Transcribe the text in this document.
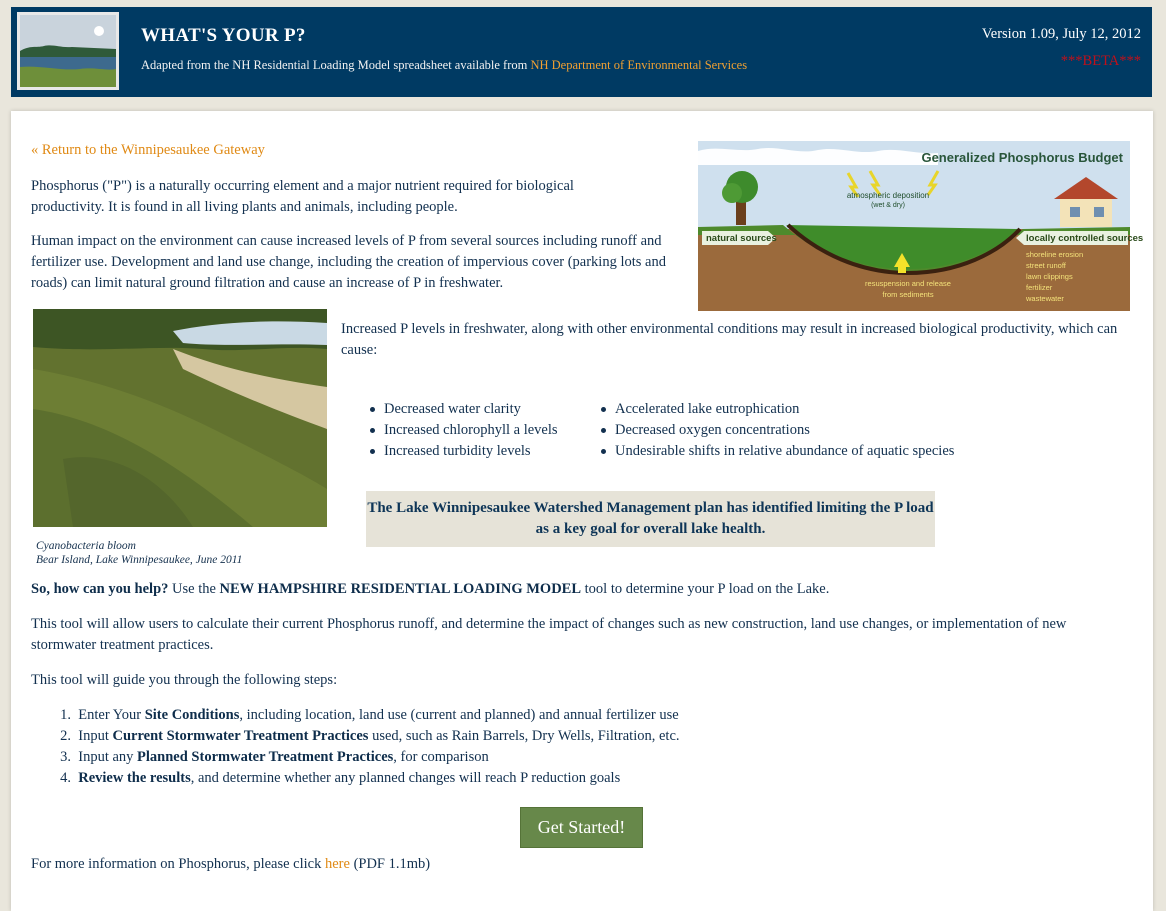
WHAT'S YOUR P?
Adapted from the NH Residential Loading Model spreadsheet available from NH Department of Environmental Services
Version 1.09, July 12, 2012
***BETA***
« Return to the Winnipesaukee Gateway

Phosphorus ("P") is a naturally occurring element and a major nutrient required for biological productivity. It is found in all living plants and animals, including people.

Human impact on the environment can cause increased levels of P from several sources including runoff and fertilizer use. Development and land use change, including the creation of impervious cover (parking lots and roads) can limit natural ground filtration and cause an increase of P in freshwater.

Generalized Phosphorus Budget
atmospheric deposition
(wet & dry)
natural sources	locally controlled sources
resuspension and release
from sediments
shoreline erosion
street runoff
lawn clippings
fertilizer
wastewater
Cyanobacteria bloom
Bear Island, Lake Winnipesaukee, June 2011

Increased P levels in freshwater, along with other environmental conditions may result in increased biological productivity, which can cause:

Decreased water clarity
Increased chlorophyll a levels
Increased turbidity levels
Accelerated lake eutrophication
Decreased oxygen concentrations
Undesirable shifts in relative abundance of aquatic species
The Lake Winnipesaukee Watershed Management plan has identified limiting the P load as a key goal for overall lake health.

So, how can you help? Use the NEW HAMPSHIRE RESIDENTIAL LOADING MODEL tool to determine your P load on the Lake.

This tool will allow users to calculate their current Phosphorus runoff, and determine the impact of changes such as new construction, land use changes, or implementation of new stormwater treatment practices.

This tool will guide you through the following steps:

1. Enter Your Site Conditions, including location, land use (current and planned) and annual fertilizer use
2. Input Current Stormwater Treatment Practices used, such as Rain Barrels, Dry Wells, Filtration, etc.
3. Input any Planned Stormwater Treatment Practices, for comparison
4. Review the results, and determine whether any planned changes will reach P reduction goals
Get Started!

For more information on Phosphorus, please click here (PDF 1.1mb)
